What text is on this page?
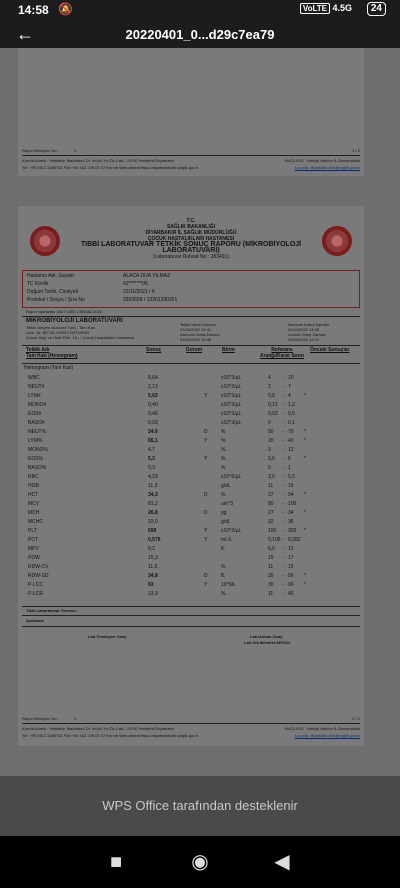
14:58 🔕	VoLTE 4.5G	24
←	20220401_0...d29c7ea79
Rapor Revizyon No :	1	1 / 2
Kurum Adresi : Yenişehir Mahallesi, Dr. İnönü Yol Öz Cad., 21100 Yenişehir/Diyarbakır	NUCLEUS - Mesaji Yazılım & Danışmanlık
Tel: +90 0412 2245751 Fax:+90 412 228 01 47 Kurum Web adresi:https://diyarbakirchh.saglik.gov.tr	e-posta: diyarbakir.chh@saglik.gov.tr
T.C.
SAĞLIK BAKANLIĞI
DİYARBAKIR İL SAĞLIK MÜDÜRLÜĞÜ
ÇOCUK HASTALIKLARI HASTANESİ
TIBBİ LABORATUVAR TETKİK SONUÇ RAPORU (MİKROBİYOLOJİ LABORATUVARI)
(Laboratuvar Ruhsat No : 283491)
Hastanın Adı, Soyadı	ALACA DUA YILMAZ
TC Kimlik	42*******06
Doğum Tarihi, Cinsiyeti	22/11/2021 / K
Protokol / Dosya / Şıra No	3933658 / 13201390351
Rapor Numarası 4427.1500.1305482.2022
MİKROBİYOLOJİ LABORATUVARI
Tetkik İsteyen Numune Türü : Tam Kan
Uzm. Dr. BETÜL KARCI ÖZTÜRAN
Çocuk Sağ. ve Hast.Polk. 16 - / Çocuk Hastalıkları Hastanesi
Tetkik İstem Zamanı
01/04/2022 13:41
Numune Alma Zamanı
01/04/2022 13:46
Numune Kabul Zamanı
01/04/2022 14:05
Uzman Onay Zamanı
01/04/2022 14:21
Tetkik Adı
Tam Kan (Hemogram)
Sonuç	Durum	Birim	Referans Aralığı/Karar Sınırı
Önceki Sonuçlar
Hemogram (Tam Kan)
WBC	8,64	x10^3/µL	4 - 10
NEUT#	2,13	x10^3/µL	2 - 7
LYM#	5,62	Y	x10^3/µL	0,8 - 4	*
MONO#	0,40	x10^3/µL	0,12 - 1,2
EOS#	0,46	x10^3/µL	0,02 - 0,5
BASO#	0,03	x10^3/µL	0 - 0,1
NEUT%	24,6	D	%	50 - 70 *
LYM%	65,1	Y	%	20 - 40 *
MONO%	4,7	%	3 - 12
EOS%	5,3	Y	%	0,5 - 5	*
BASO%	0,3	%	0 - 1
RBC	4,23	x10^6/µL	3,5 - 5,5
HGB	11,3	g/dL	11 - 16
HCT	34,3	D	%	37 - 54 *
MCV	81,2	um^3	80 - 100
MCH	26,8	D	pg	27 - 34 *
MCHC	33,0	g/dL	32 - 36
PLT	699	Y	x10^3/µL	100 - 300 *
PCT	0,576	Y	mL/L	0,108 - 0,282
MPV	8,2	fL	6,5 - 12
PDW	15,3	15 - 17
RDW-CV	11,5	%	11 - 16
RDW-SD	34,8	D	fL	35 - 56 *
P-LCC	93	Y	10^9/L	30 - 90 *
P-LCR	13,3	%	11 - 45
Tıbbi Laboratuvar Yorumu :
Açıklama
Lab.Teknisyen Onay	Lab.Uzman Onay
Lab.Tek Mehmet ARTAN
Rapor Revizyon No :	1	2 / 2
Kurum Adresi : Yenişehir Mahallesi, Dr. İnönü Yol Öz Cad., 21100 Yenişehir/Diyarbakır	NUCLEUS - Mesaji Yazılım & Danışmanlık
Tel: +90 0412 2245751 Fax:+90 412 228 01 47 Kurum Web adresi:https://diyarbakirchh.saglik.gov.tr	e-posta: diyarbakir.chh@saglik.gov.tr
WPS Office tarafından desteklenir
■	◉	◀
